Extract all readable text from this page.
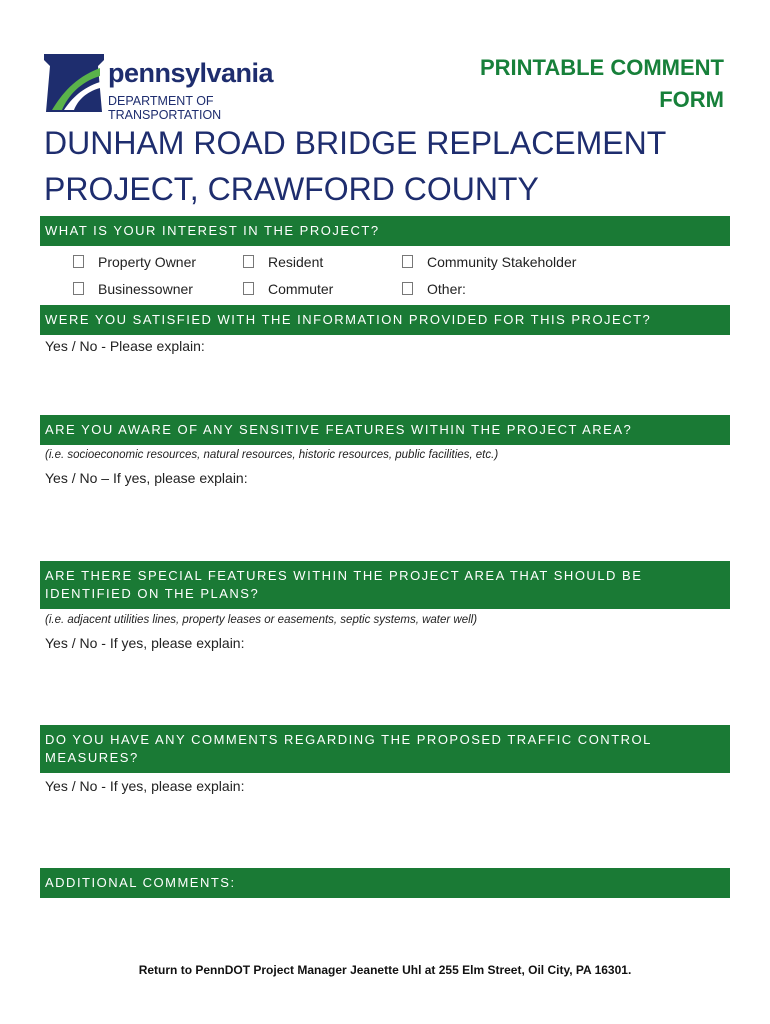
pennsylvania
DEPARTMENT OF TRANSPORTATION
PRINTABLE COMMENT
FORM
DUNHAM ROAD BRIDGE REPLACEMENT
PROJECT, CRAWFORD COUNTY
WHAT IS YOUR INTEREST IN THE PROJECT?
Property Owner	Resident	Community Stakeholder
Businessowner	Commuter	Other:
WERE YOU SATISFIED WITH THE INFORMATION PROVIDED FOR THIS PROJECT?
Yes / No - Please explain:
ARE YOU AWARE OF ANY SENSITIVE FEATURES WITHIN THE PROJECT AREA?
(i.e. socioeconomic resources, natural resources, historic resources, public facilities, etc.)
Yes / No – If yes, please explain:
ARE THERE SPECIAL FEATURES WITHIN THE PROJECT AREA THAT SHOULD BE
IDENTIFIED ON THE PLANS?
(i.e. adjacent utilities lines, property leases or easements, septic systems, water well)
Yes / No - If yes, please explain:
DO YOU HAVE ANY COMMENTS REGARDING THE PROPOSED TRAFFIC CONTROL
MEASURES?
Yes / No - If yes, please explain:
ADDITIONAL COMMENTS:
Return to PennDOT Project Manager Jeanette Uhl at 255 Elm Street, Oil City, PA 16301.
